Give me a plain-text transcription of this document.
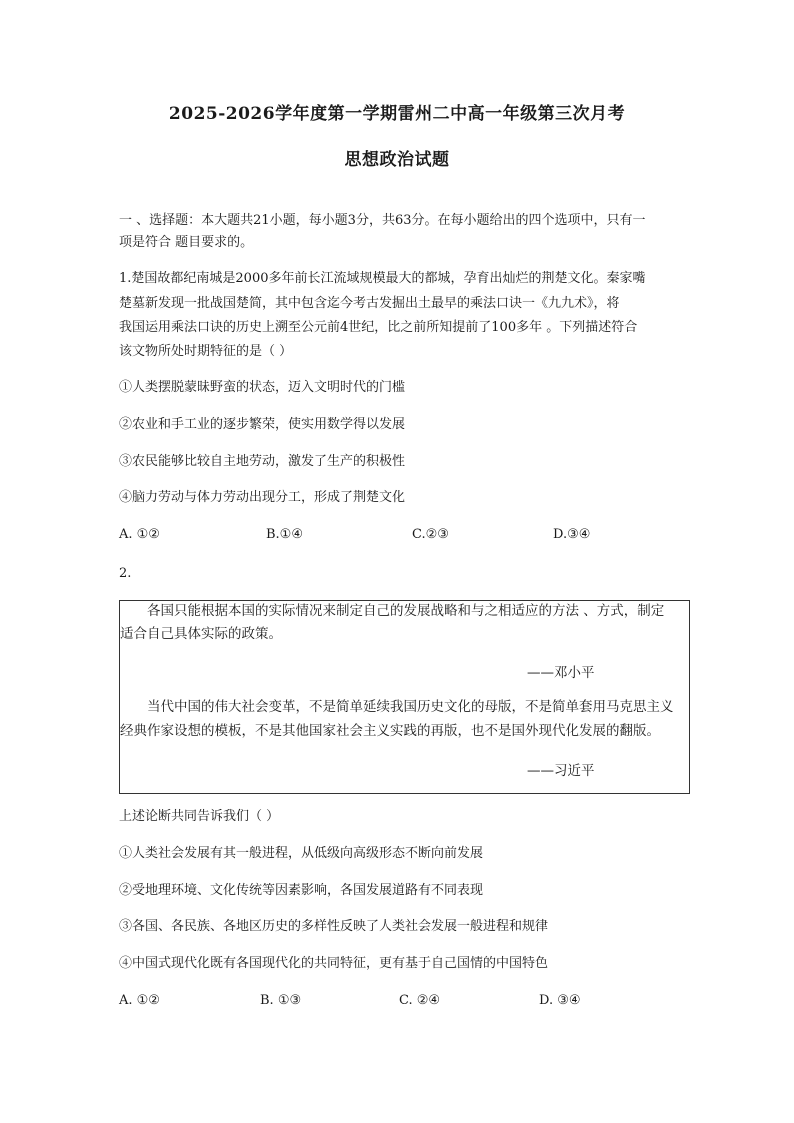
2025-2026学年度第一学期雷州二中高一年级第三次月考
思想政治试题
一 、选择题：本大题共21小题，每小题3分，共63分。在每小题给出的四个选项中，只有一
项是符合 题目要求的。
1.楚国故都纪南城是2000多年前长江流域规模最大的都城，孕育出灿烂的荆楚文化。秦家嘴
楚墓新发现一批战国楚简，其中包含迄今考古发掘出土最早的乘法口诀一《九九术》，将
我国运用乘法口诀的历史上溯至公元前4世纪，比之前所知提前了100多年 。下列描述符合
该文物所处时期特征的是（ ）
①人类摆脱蒙昧野蛮的状态，迈入文明时代的门槛
②农业和手工业的逐步繁荣，使实用数学得以发展
③农民能够比较自主地劳动，激发了生产的积极性
④脑力劳动与体力劳动出现分工，形成了荆楚文化
A. ①②	B.①④	C.②③	D.③④
2.
各国只能根据本国的实际情况来制定自己的发展战略和与之相适应的方法 、方式，制定
适合自己具体实际的政策。
——邓小平
当代中国的伟大社会变革，不是简单延续我国历史文化的母版，不是简单套用马克思主义
经典作家设想的模板，不是其他国家社会主义实践的再版，也不是国外现代化发展的翻版。
——习近平
上述论断共同告诉我们（ ）
①人类社会发展有其一般进程，从低级向高级形态不断向前发展
②受地理环境、文化传统等因素影响，各国发展道路有不同表现
③各国、各民族、各地区历史的多样性反映了人类社会发展一般进程和规律
④中国式现代化既有各国现代化的共同特征，更有基于自己国情的中国特色
A. ①②	B. ①③	C. ②④	D. ③④
